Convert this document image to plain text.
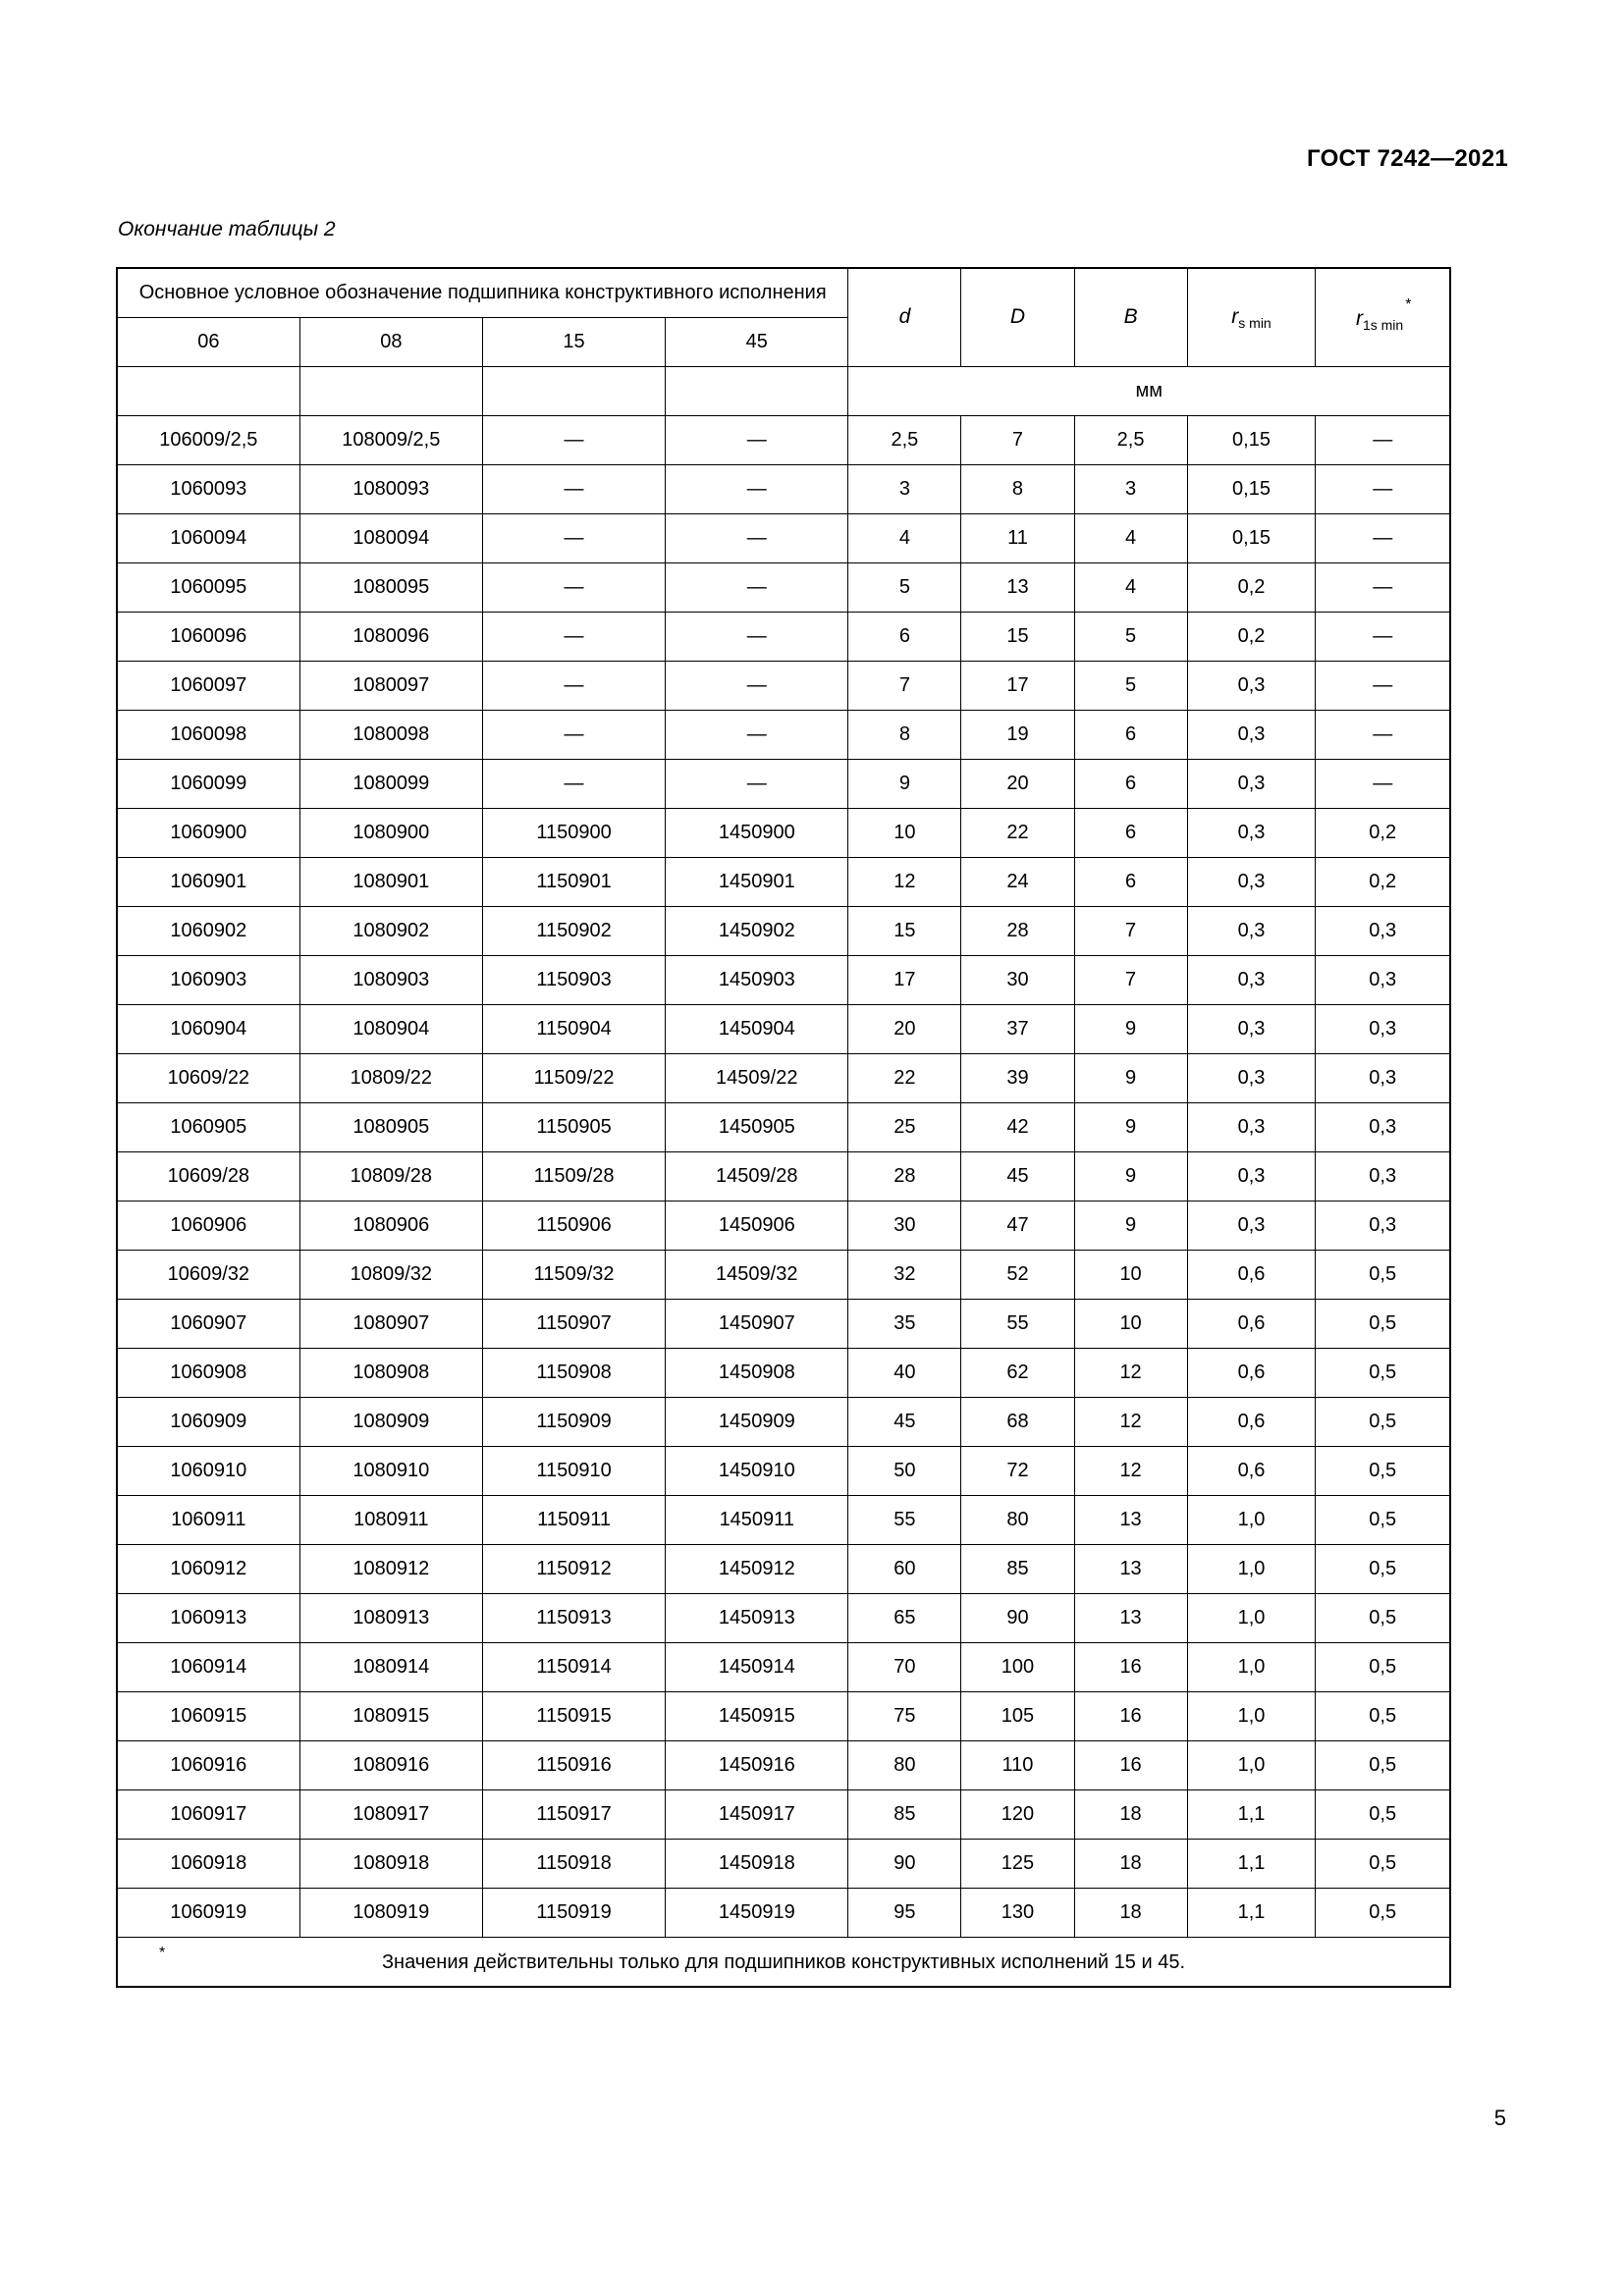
ГОСТ 7242—2021
Окончание таблицы 2
Основное условное обозначение подшипника конструктивного исполнения				d	D	B	$r_{s min}$	$r_{1s min}^*$
06	08	15	45					
				мм				
106009/2,5	108009/2,5	—	—	2,5	7	2,5	0,15	—
1060093	1080093	—	—	3	8	3	0,15	—
1060094	1080094	—	—	4	11	4	0,15	—
1060095	1080095	—	—	5	13	4	0,2	—
1060096	1080096	—	—	6	15	5	0,2	—
1060097	1080097	—	—	7	17	5	0,3	—
1060098	1080098	—	—	8	19	6	0,3	—
1060099	1080099	—	—	9	20	6	0,3	—
1060900	1080900	1150900	1450900	10	22	6	0,3	0,2
1060901	1080901	1150901	1450901	12	24	6	0,3	0,2
1060902	1080902	1150902	1450902	15	28	7	0,3	0,3
1060903	1080903	1150903	1450903	17	30	7	0,3	0,3
1060904	1080904	1150904	1450904	20	37	9	0,3	0,3
10609/22	10809/22	11509/22	14509/22	22	39	9	0,3	0,3
1060905	1080905	1150905	1450905	25	42	9	0,3	0,3
10609/28	10809/28	11509/28	14509/28	28	45	9	0,3	0,3
1060906	1080906	1150906	1450906	30	47	9	0,3	0,3
10609/32	10809/32	11509/32	14509/32	32	52	10	0,6	0,5
1060907	1080907	1150907	1450907	35	55	10	0,6	0,5
1060908	1080908	1150908	1450908	40	62	12	0,6	0,5
1060909	1080909	1150909	1450909	45	68	12	0,6	0,5
1060910	1080910	1150910	1450910	50	72	12	0,6	0,5
1060911	1080911	1150911	1450911	55	80	13	1,0	0,5
1060912	1080912	1150912	1450912	60	85	13	1,0	0,5
1060913	1080913	1150913	1450913	65	90	13	1,0	0,5
1060914	1080914	1150914	1450914	70	100	16	1,0	0,5
1060915	1080915	1150915	1450915	75	105	16	1,0	0,5
1060916	1080916	1150916	1450916	80	110	16	1,0	0,5
1060917	1080917	1150917	1450917	85	120	18	1,1	0,5
1060918	1080918	1150918	1450918	90	125	18	1,1	0,5
1060919	1080919	1150919	1450919	95	130	18	1,1	0,5

* Значения действительны только для подшипников конструктивных исполнений 15 и 45.								
5
